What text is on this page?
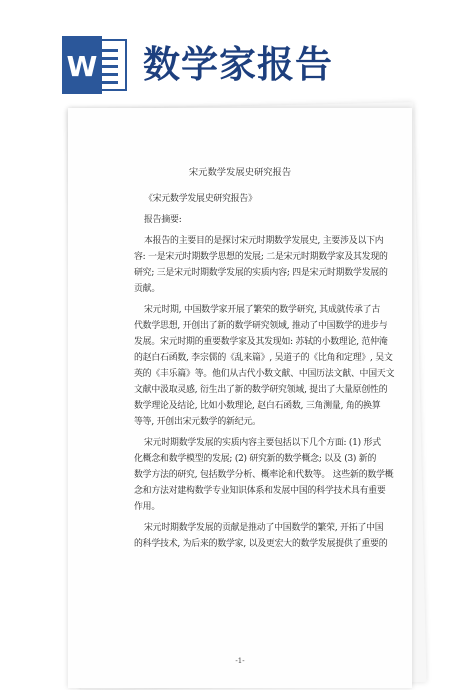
W 数学家报告
宋元数学发展史研究报告
《宋元数学发展史研究报告》
报告摘要:
本报告的主要目的是探讨宋元时期数学发展史, 主要涉及以下内
容: 一是宋元时期数学思想的发展; 二是宋元时期数学家及其发现的
研究; 三是宋元时期数学发展的实质内容; 四是宋元时期数学发展的
贡献。
宋元时期, 中国数学家开展了繁荣的数学研究, 其成就传承了古
代数学思想, 开创出了新的数学研究领域, 推动了中国数学的进步与
发展。宋元时期的重要数学家及其发现如: 苏轼的小数理论, 范仲淹
的赵白石函数, 李宗儒的《乱来篇》, 吴道子的《比角和定理》, 吴文
英的《丰乐篇》等。他们从古代小数文献、中国历法文献、中国天文
文献中汲取灵感, 衍生出了新的数学研究领域, 提出了大量原创性的
数学理论及结论, 比如小数理论, 赵白石函数, 三角测量, 角的换算
等等, 开创出宋元数学的新纪元。
宋元时期数学发展的实质内容主要包括以下几个方面: (1) 形式
化概念和数学模型的发展; (2) 研究新的数学概念; 以及 (3) 新的
数学方法的研究, 包括数学分析、概率论和代数等。 这些新的数学概
念和方法对建构数学专业知识体系和发展中国的科学技术具有重要
作用。
宋元时期数学发展的贡献是推动了中国数学的繁荣, 开拓了中国
的科学技术, 为后来的数学家, 以及更宏大的数学发展提供了重要的
-1-
